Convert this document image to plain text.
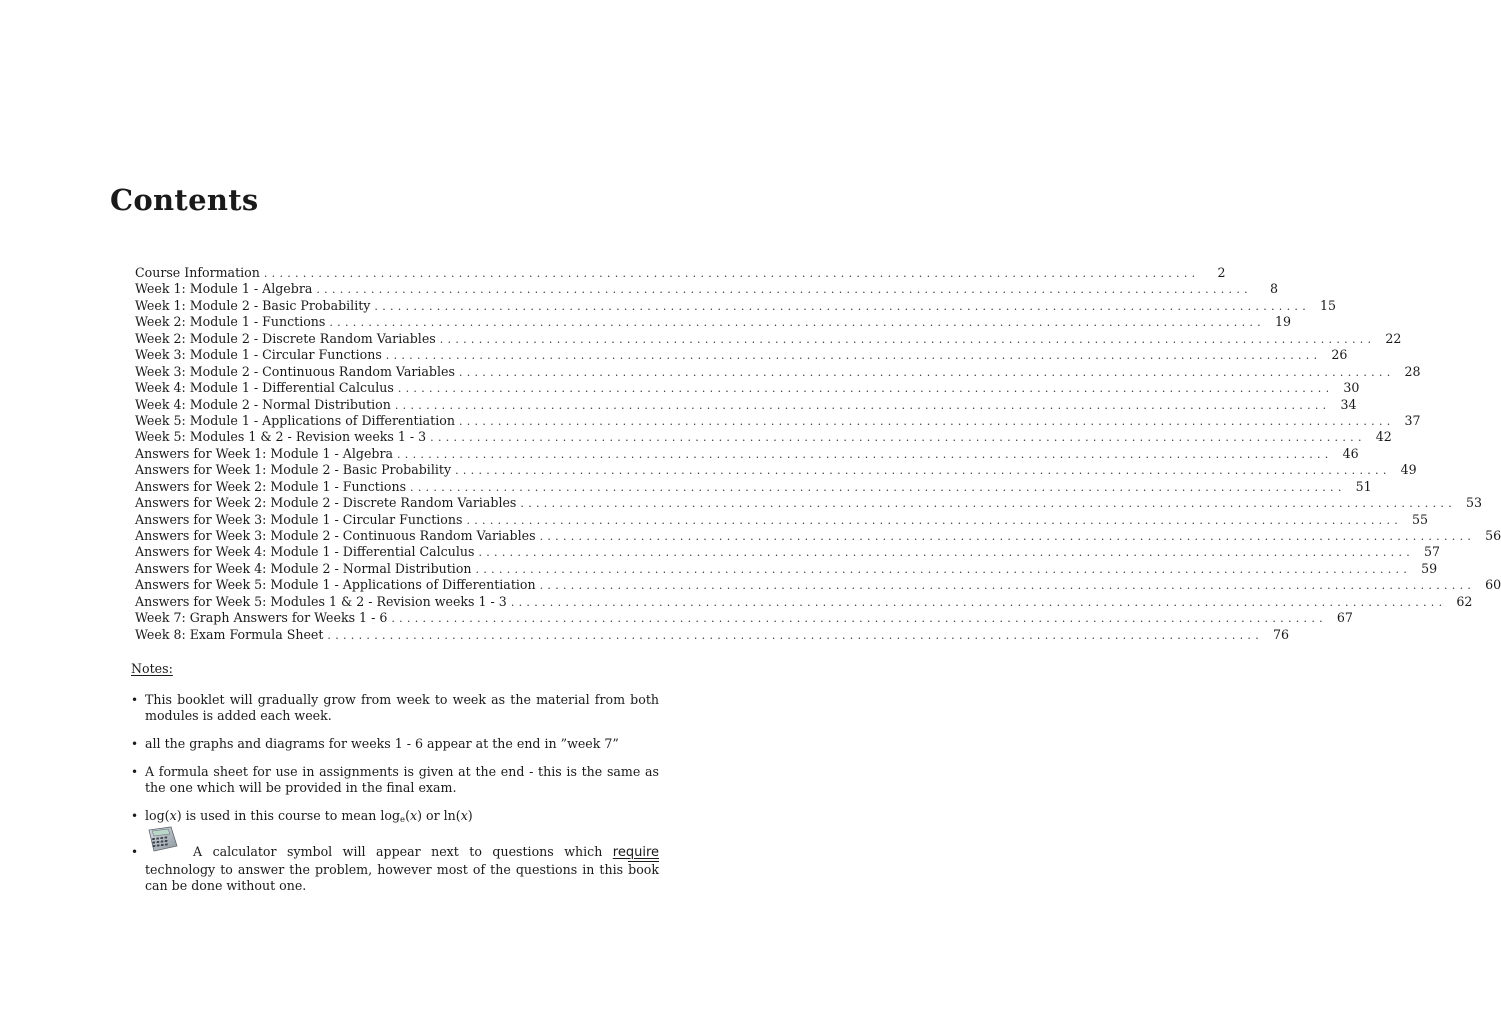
Contents
Course Information ........................................................................................................................	2
Week 1: Module 1 - Algebra ........................................................................................................................	8
Week 1: Module 2 - Basic Probability ........................................................................................................................ 15
Week 2: Module 1 - Functions ........................................................................................................................ 19
Week 2: Module 2 - Discrete Random Variables ........................................................................................................................ 22
Week 3: Module 1 - Circular Functions ........................................................................................................................ 26
Week 3: Module 2 - Continuous Random Variables ........................................................................................................................ 28
Week 4: Module 1 - Differential Calculus ........................................................................................................................ 30
Week 4: Module 2 - Normal Distribution ........................................................................................................................ 34
Week 5: Module 1 - Applications of Differentiation ........................................................................................................................ 37
Week 5: Modules 1 & 2 - Revision weeks 1 - 3 ........................................................................................................................ 42
Answers for Week 1: Module 1 - Algebra ........................................................................................................................ 46
Answers for Week 1: Module 2 - Basic Probability ........................................................................................................................ 49
Answers for Week 2: Module 1 - Functions ........................................................................................................................ 51
Answers for Week 2: Module 2 - Discrete Random Variables ........................................................................................................................ 53
Answers for Week 3: Module 1 - Circular Functions ........................................................................................................................ 55
Answers for Week 3: Module 2 - Continuous Random Variables ........................................................................................................................ 56
Answers for Week 4: Module 1 - Differential Calculus ........................................................................................................................ 57
Answers for Week 4: Module 2 - Normal Distribution ........................................................................................................................ 59
Answers for Week 5: Module 1 - Applications of Differentiation ........................................................................................................................ 60
Answers for Week 5: Modules 1 & 2 - Revision weeks 1 - 3 ........................................................................................................................ 62
Week 7: Graph Answers for Weeks 1 - 6 ........................................................................................................................ 67
Week 8: Exam Formula Sheet ........................................................................................................................ 76
Notes:
• This booklet will gradually grow from week to week as the material from both modules is added each week.
• all the graphs and diagrams for weeks 1 - 6 appear at the end in ”week 7”
• A formula sheet for use in assignments is given at the end - this is the same as the one which will be provided in the final exam.
• log(x) is used in this course to mean $\log_e(x)$ or ln(x)
•	A calculator symbol will appear next to questions which require technology to answer the problem, however most of the questions in this book can be done without one.
